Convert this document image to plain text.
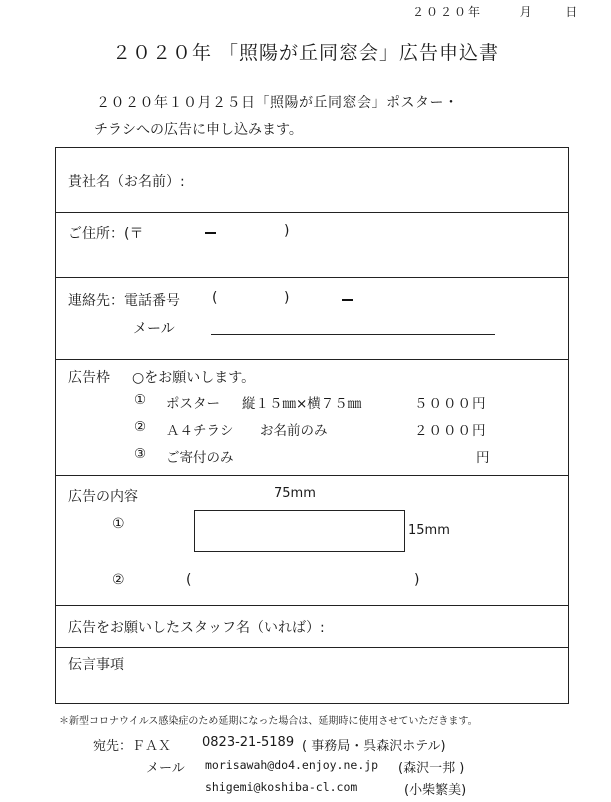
２０２０年	月	日
２０２０年 「照陽が丘同窓会」広告申込書
２０２０年１０月２５日「照陽が丘同窓会」ポスター・
チラシへの広告に申し込みます。
貴社名（お名前）:
ご住所：(〒	)
連絡先：電話番号 (	)
メール
広告枠 ○をお願いします。
① ポスター 縦１５㎜×横７５㎜	５０００円
② Ａ４チラシ お名前のみ	２０００円
③ ご寄付のみ	円
広告の内容	75mm
①	15mm
②	(	)
広告をお願いしたスタッフ名（いれば）:
伝言事項
＊新型コロナウイルス感染症のため延期になった場合は、延期時に使用させていただきます。
宛先：ＦＡＸ 0823-21-5189 ( 事務局・呉森沢ホテル)
メール morisawah@do4.enjoy.ne.jp (森沢一邦 )
shigemi@koshiba-cl.com	(小柴繁美)
